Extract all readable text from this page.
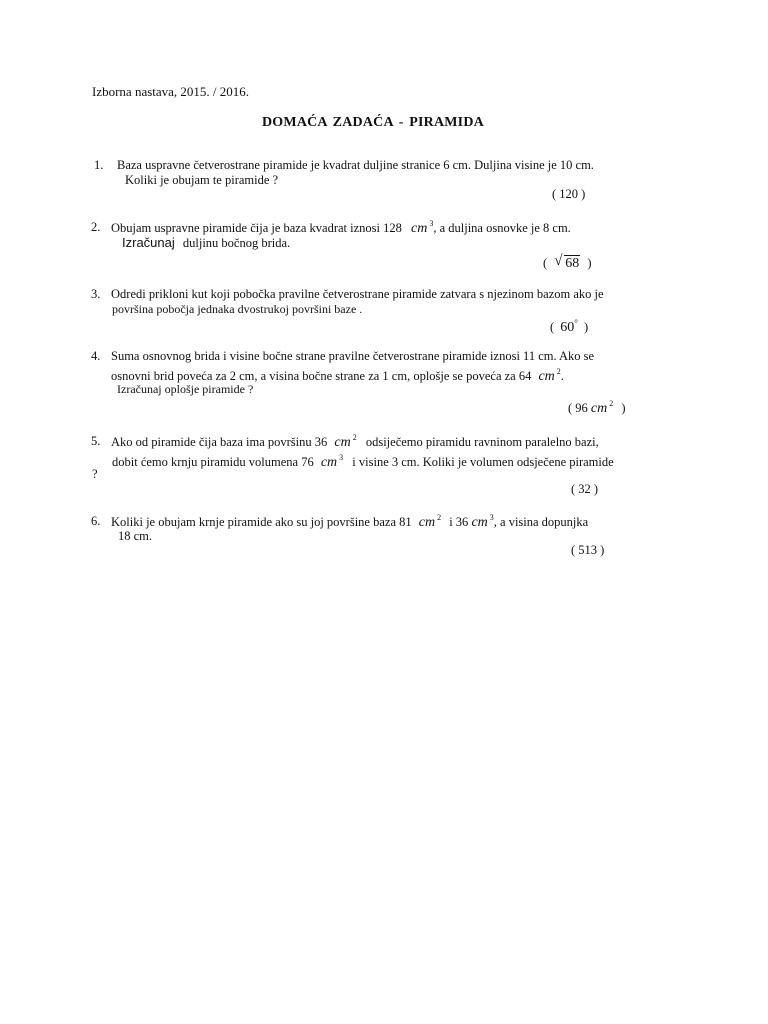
Izborna nastava, 2015. / 2016.
DOMAĆA ZADAĆA - PIRAMIDA
1. Baza uspravne četverostrane piramide je kvadrat duljine stranice 6 cm. Duljina visine je 10 cm.
Koliki je obujam te piramide ?
( 120 )
2. Obujam uspravne piramide čija je baza kvadrat iznosi 128 cm $^3$, a duljina osnovke je 8 cm.
Izračunaj duljinu bočnog brida.
( √ 68 )
3. Odredi prikloni kut koji pobočka pravilne četverostrane piramide zatvara s njezinom bazom ako je
površina pobočja jednaka dvostrukoj površini baze .
( 60° )
4. Suma osnovnog brida i visine bočne strane pravilne četverostrane piramide iznosi 11 cm. Ako se
osnovni brid poveća za 2 cm, a visina bočne strane za 1 cm, oplošje se poveća za 64 cm $^2$.
Izračunaj oplošje piramide ?
( 96 cm $^2$ )
5. Ako od piramide čija baza ima površinu 36 cm $^2$ odsiječemo piramidu ravninom paralelno bazi,
dobit ćemo krnju piramidu volumena 76 cm $^3$ i visine 3 cm. Koliki je volumen odsječene piramide
?
( 32 )
6. Koliki je obujam krnje piramide ako su joj površine baza 81 cm $^2$ i 36 cm $^3$, a visina dopunjka
18 cm.
( 513 )
